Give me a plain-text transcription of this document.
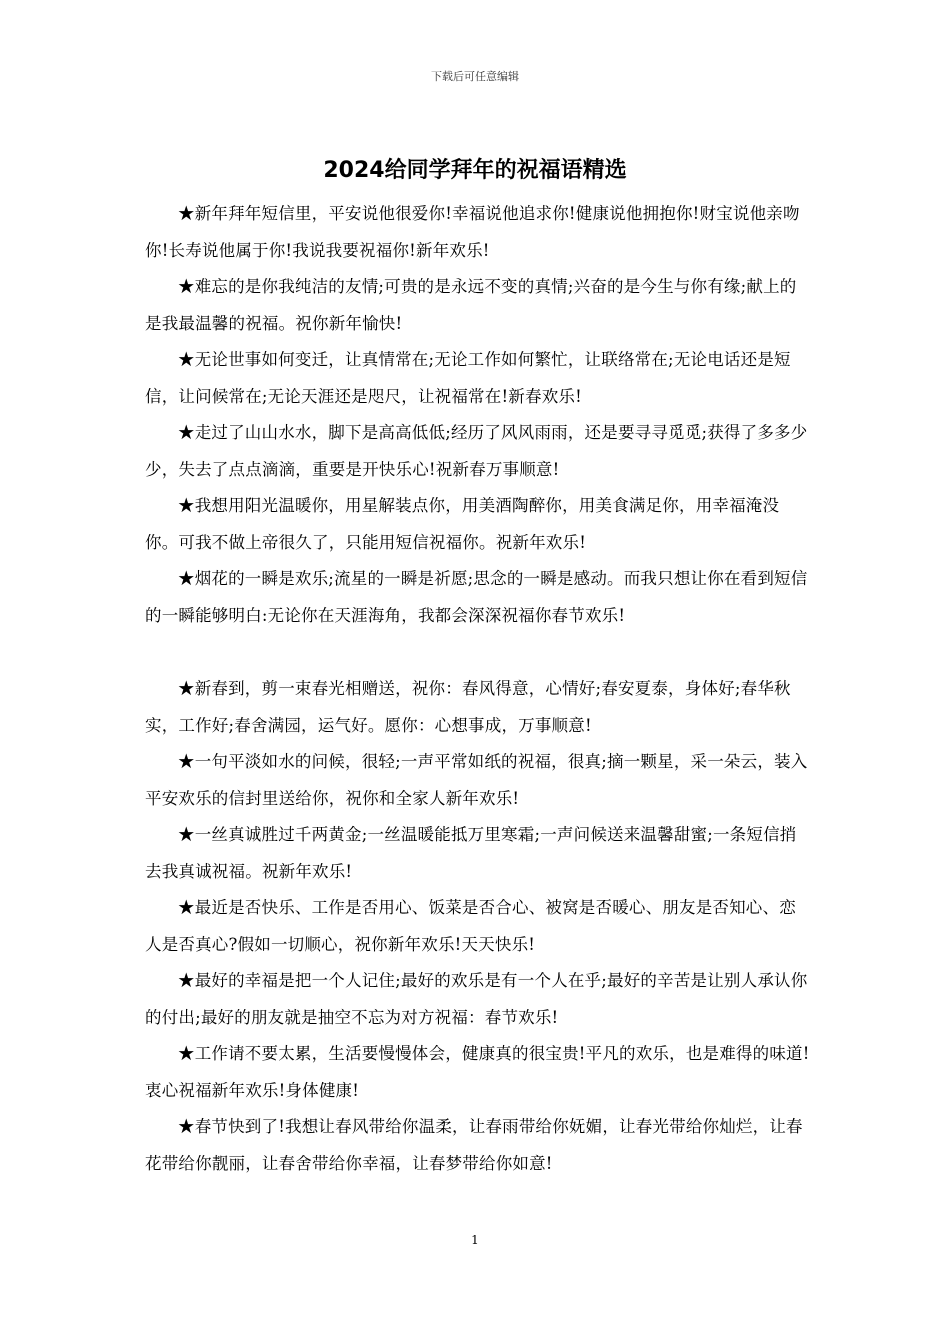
下载后可任意编辑
2024给同学拜年的祝福语精选

★新年拜年短信里，平安说他很爱你!幸福说他追求你!健康说他拥抱你!财宝说他亲吻你!长寿说他属于你!我说我要祝福你!新年欢乐!

★难忘的是你我纯洁的友情;可贵的是永远不变的真情;兴奋的是今生与你有缘;献上的是我最温馨的祝福。祝你新年愉快!

★无论世事如何变迁，让真情常在;无论工作如何繁忙，让联络常在;无论电话还是短信，让问候常在;无论天涯还是咫尺，让祝福常在!新春欢乐!

★走过了山山水水，脚下是高高低低;经历了风风雨雨，还是要寻寻觅觅;获得了多多少少，失去了点点滴滴，重要是开快乐心!祝新春万事顺意!

★我想用阳光温暖你，用星解装点你，用美酒陶醉你，用美食满足你，用幸福淹没你。可我不做上帝很久了，只能用短信祝福你。祝新年欢乐!

★烟花的一瞬是欢乐;流星的一瞬是祈愿;思念的一瞬是感动。而我只想让你在看到短信的一瞬能够明白:无论你在天涯海角，我都会深深祝福你春节欢乐!

★新春到，剪一束春光相赠送，祝你：春风得意，心情好;春安夏泰，身体好;春华秋实，工作好;春舍满园，运气好。愿你：心想事成，万事顺意!

★一句平淡如水的问候，很轻;一声平常如纸的祝福，很真;摘一颗星，采一朵云，装入平安欢乐的信封里送给你，祝你和全家人新年欢乐!

★一丝真诚胜过千两黄金;一丝温暖能抵万里寒霜;一声问候送来温馨甜蜜;一条短信捎去我真诚祝福。祝新年欢乐!

★最近是否快乐、工作是否用心、饭菜是否合心、被窝是否暖心、朋友是否知心、恋人是否真心?假如一切顺心，祝你新年欢乐!天天快乐!

★最好的幸福是把一个人记住;最好的欢乐是有一个人在乎;最好的辛苦是让别人承认你的付出;最好的朋友就是抽空不忘为对方祝福：春节欢乐!

★工作请不要太累，生活要慢慢体会，健康真的很宝贵!平凡的欢乐，也是难得的味道!衷心祝福新年欢乐!身体健康!

★春节快到了!我想让春风带给你温柔，让春雨带给你妩媚，让春光带给你灿烂，让春花带给你靓丽，让春舍带给你幸福，让春梦带给你如意!

1
